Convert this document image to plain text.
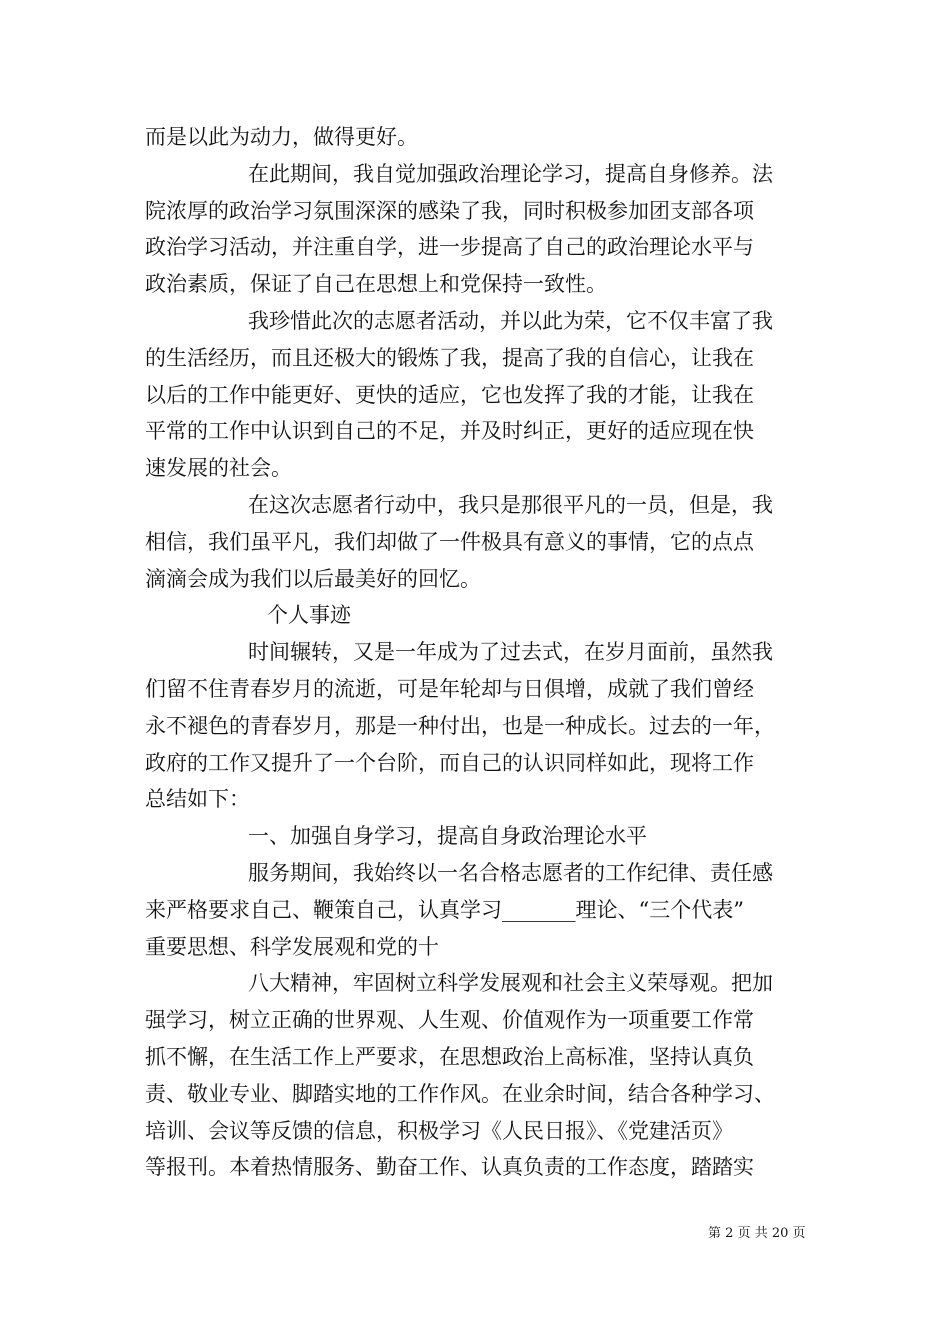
而是以此为动力，做得更好。
在此期间，我自觉加强政治理论学习，提高自身修养。法
院浓厚的政治学习氛围深深的感染了我，同时积极参加团支部各项
政治学习活动，并注重自学，进一步提高了自己的政治理论水平与
政治素质，保证了自己在思想上和党保持一致性。
我珍惜此次的志愿者活动，并以此为荣，它不仅丰富了我
的生活经历，而且还极大的锻炼了我，提高了我的自信心，让我在
以后的工作中能更好、更快的适应，它也发挥了我的才能，让我在
平常的工作中认识到自己的不足，并及时纠正，更好的适应现在快
速发展的社会。
在这次志愿者行动中，我只是那很平凡的一员，但是，我
相信，我们虽平凡，我们却做了一件极具有意义的事情，它的点点
滴滴会成为我们以后最美好的回忆。
个人事迹
时间辗转，又是一年成为了过去式，在岁月面前，虽然我
们留不住青春岁月的流逝，可是年轮却与日俱增，成就了我们曾经
永不褪色的青春岁月，那是一种付出，也是一种成长。过去的一年，
政府的工作又提升了一个台阶，而自己的认识同样如此，现将工作
总结如下：
一、加强自身学习，提高自身政治理论水平
服务期间，我始终以一名合格志愿者的工作纪律、责任感
来严格要求自己、鞭策自己，认真学习_______理论、“三个代表”
重要思想、科学发展观和党的十
八大精神，牢固树立科学发展观和社会主义荣辱观。把加
强学习，树立正确的世界观、人生观、价值观作为一项重要工作常
抓不懈，在生活工作上严要求，在思想政治上高标准，坚持认真负
责、敬业专业、脚踏实地的工作作风。在业余时间，结合各种学习、
培训、会议等反馈的信息，积极学习《人民日报》、《党建活页》
等报刊。本着热情服务、勤奋工作、认真负责的工作态度，踏踏实
第 2 页 共 20 页
